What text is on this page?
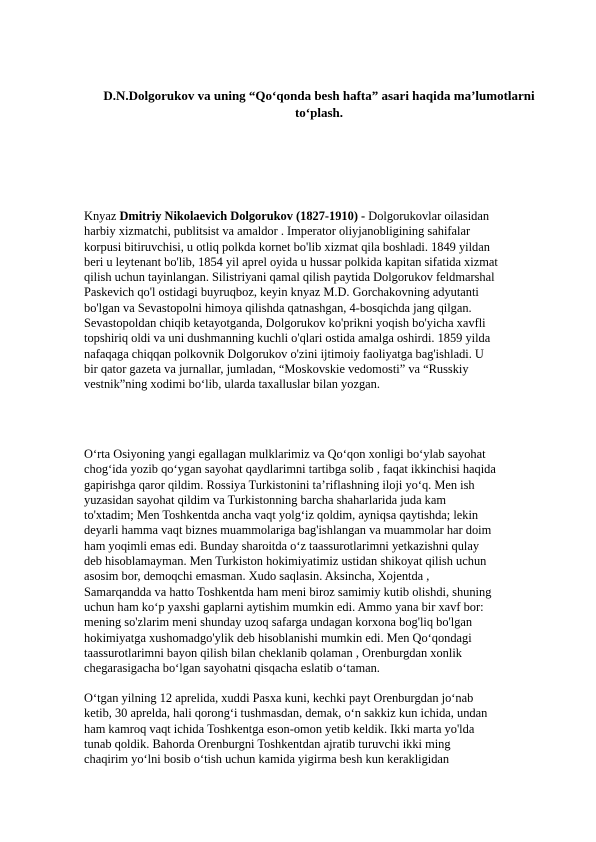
D.N.Dolgorukov va uning “Qo‘qonda besh hafta” asari haqida ma’lumotlarni
to‘plash.

Knyaz Dmitriy Nikolaevich Dolgorukov (1827-1910) - Dolgorukovlar oilasidan
harbiy xizmatchi, publitsist va amaldor . Imperator oliyjanobligining sahifalar
korpusi bitiruvchisi, u otliq polkda kornet bo'lib xizmat qila boshladi. 1849 yildan
beri u leytenant bo'lib, 1854 yil aprel oyida u hussar polkida kapitan sifatida xizmat
qilish uchun tayinlangan. Silistriyani qamal qilish paytida Dolgorukov feldmarshal
Paskevich qo'l ostidagi buyruqboz, keyin knyaz M.D. Gorchakovning adyutanti
bo'lgan va Sevastopolni himoya qilishda qatnashgan, 4-bosqichda jang qilgan.
Sevastopoldan chiqib ketayotganda, Dolgorukov ko'prikni yoqish bo'yicha xavfli
topshiriq oldi va uni dushmanning kuchli o'qlari ostida amalga oshirdi. 1859 yilda
nafaqaga chiqqan polkovnik Dolgorukov o'zini ijtimoiy faoliyatga bag'ishladi. U
bir qator gazeta va jurnallar, jumladan, “Moskovskie vedomosti” va “Russkiy
vestnik”ning xodimi bo‘lib, ularda taxalluslar bilan yozgan.

O‘rta Osiyoning yangi egallagan mulklarimiz va Qo‘qon xonligi bo‘ylab sayohat
chog‘ida yozib qo‘ygan sayohat qaydlarimni tartibga solib , faqat ikkinchisi haqida
gapirishga qaror qildim. Rossiya Turkistonini ta’riflashning iloji yo‘q. Men ish
yuzasidan sayohat qildim va Turkistonning barcha shaharlarida juda kam
to'xtadim; Men Toshkentda ancha vaqt yolg‘iz qoldim, ayniqsa qaytishda; lekin
deyarli hamma vaqt biznes muammolariga bag'ishlangan va muammolar har doim
ham yoqimli emas edi. Bunday sharoitda o‘z taassurotlarimni yetkazishni qulay
deb hisoblamayman. Men Turkiston hokimiyatimiz ustidan shikoyat qilish uchun
asosim bor, demoqchi emasman. Xudo saqlasin. Aksincha, Xojentda ,
Samarqandda va hatto Toshkentda ham meni biroz samimiy kutib olishdi, shuning
uchun ham ko‘p yaxshi gaplarni aytishim mumkin edi. Ammo yana bir xavf bor:
mening so'zlarim meni shunday uzoq safarga undagan korxona bog'liq bo'lgan
hokimiyatga xushomadgo'ylik deb hisoblanishi mumkin edi. Men Qo‘qondagi
taassurotlarimni bayon qilish bilan cheklanib qolaman , Orenburgdan xonlik
chegarasigacha bo‘lgan sayohatni qisqacha eslatib o‘taman.

O‘tgan yilning 12 aprelida, xuddi Pasxa kuni, kechki payt Orenburgdan jo‘nab
ketib, 30 aprelda, hali qorong‘i tushmasdan, demak, o‘n sakkiz kun ichida, undan
ham kamroq vaqt ichida Toshkentga eson-omon yetib keldik. Ikki marta yo'lda
tunab qoldik. Bahorda Orenburgni Toshkentdan ajratib turuvchi ikki ming
chaqirim yo‘lni bosib o‘tish uchun kamida yigirma besh kun kerakligidan
